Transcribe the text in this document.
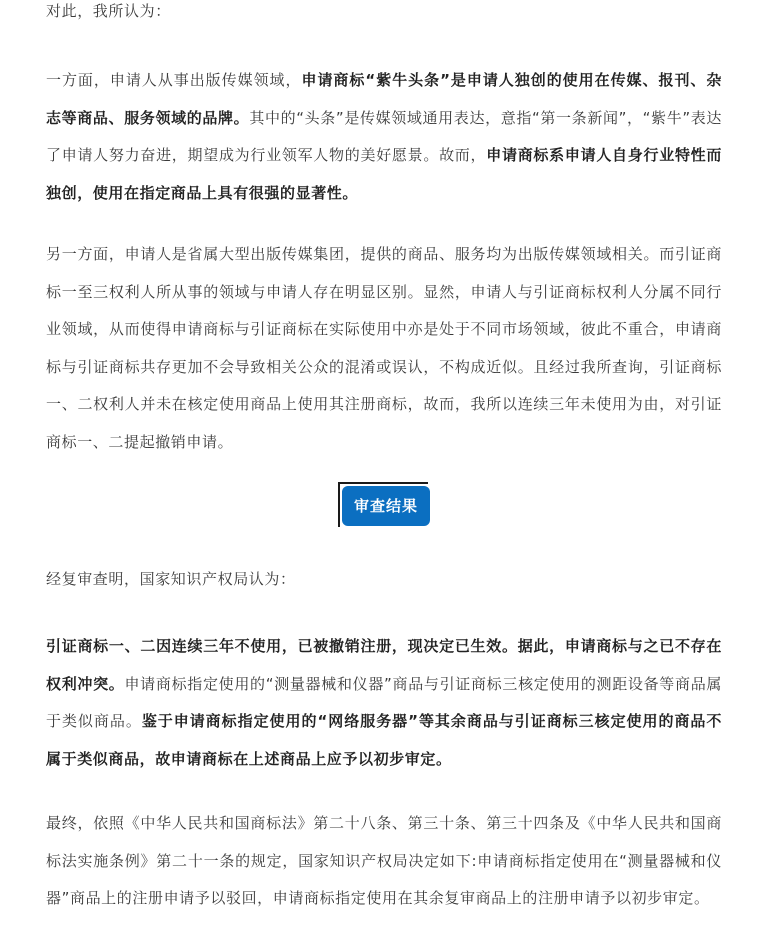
对此，我所认为：

一方面，申请人从事出版传媒领域，申请商标“紫牛头条”是申请人独创的使用在传媒、报刊、杂志等商品、服务领域的品牌。其中的“头条”是传媒领域通用表达，意指“第一条新闻”，“紫牛”表达了申请人努力奋进，期望成为行业领军人物的美好愿景。故而，申请商标系申请人自身行业特性而独创，使用在指定商品上具有很强的显著性。

另一方面，申请人是省属大型出版传媒集团，提供的商品、服务均为出版传媒领域相关。而引证商标一至三权利人所从事的领域与申请人存在明显区别。显然，申请人与引证商标权利人分属不同行业领域，从而使得申请商标与引证商标在实际使用中亦是处于不同市场领域，彼此不重合，申请商标与引证商标共存更加不会导致相关公众的混淆或误认，不构成近似。且经过我所查询，引证商标一、二权利人并未在核定使用商品上使用其注册商标，故而，我所以连续三年未使用为由，对引证商标一、二提起撤销申请。

经复审查明，国家知识产权局认为：

引证商标一、二因连续三年不使用，已被撤销注册，现决定已生效。据此，申请商标与之已不存在权利冲突。申请商标指定使用的“测量器械和仪器”商品与引证商标三核定使用的测距设备等商品属于类似商品。鉴于申请商标指定使用的“网络服务器”等其余商品与引证商标三核定使用的商品不属于类似商品，故申请商标在上述商品上应予以初步审定。

最终，依照《中华人民共和国商标法》第二十八条、第三十条、第三十四条及《中华人民共和国商标法实施条例》第二十一条的规定，国家知识产权局决定如下:申请商标指定使用在“测量器械和仪器”商品上的注册申请予以驳回，申请商标指定使用在其余复审商品上的注册申请予以初步审定。

审查结果
